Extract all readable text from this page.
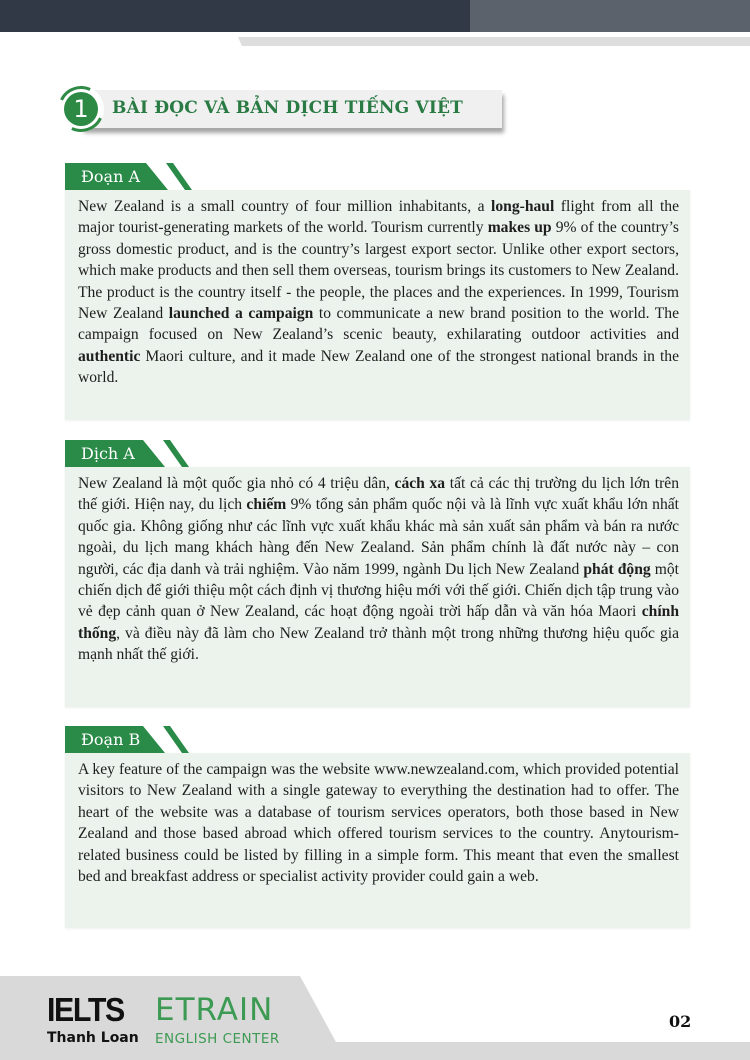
1	BÀI ĐỌC VÀ BẢN DỊCH TIẾNG VIỆT
Đoạn A

New Zealand is a small country of four million inhabitants, a long-haul flight from all the major tourist-generating markets of the world. Tourism currently makes up 9% of the country’s gross domestic product, and is the country’s largest export sector. Unlike other export sectors, which make products and then sell them overseas, tourism brings its customers to New Zealand. The product is the country itself - the people, the places and the experiences. In 1999, Tourism New Zealand launched a campaign to communicate a new brand position to the world. The campaign focused on New Zealand’s scenic beauty, exhilarating outdoor activities and authentic Maori culture, and it made New Zealand one of the strongest national brands in the world.

Dịch A

New Zealand là một quốc gia nhỏ có 4 triệu dân, cách xa tất cả các thị trường du lịch lớn trên thế giới. Hiện nay, du lịch chiếm 9% tổng sản phẩm quốc nội và là lĩnh vực xuất khẩu lớn nhất quốc gia. Không giống như các lĩnh vực xuất khẩu khác mà sản xuất sản phẩm và bán ra nước ngoài, du lịch mang khách hàng đến New Zealand. Sản phẩm chính là đất nước này – con người, các địa danh và trải nghiệm. Vào năm 1999, ngành Du lịch New Zealand phát động một chiến dịch để giới thiệu một cách định vị thương hiệu mới với thế giới. Chiến dịch tập trung vào vẻ đẹp cảnh quan ở New Zealand, các hoạt động ngoài trời hấp dẫn và văn hóa Maori chính thống, và điều này đã làm cho New Zealand trở thành một trong những thương hiệu quốc gia mạnh nhất thế giới.

Đoạn B

A key feature of the campaign was the website www.newzealand.com, which provided potential visitors to New Zealand with a single gateway to everything the destination had to offer. The heart of the website was a database of tourism services operators, both those based in New Zealand and those based abroad which offered tourism services to the country. Anytourism-related business could be listed by filling in a simple form. This meant that even the smallest bed and breakfast address or specialist activity provider could gain a web.

IELTS
Thanh Loan
ETRAIN
ENGLISH CENTER
02
